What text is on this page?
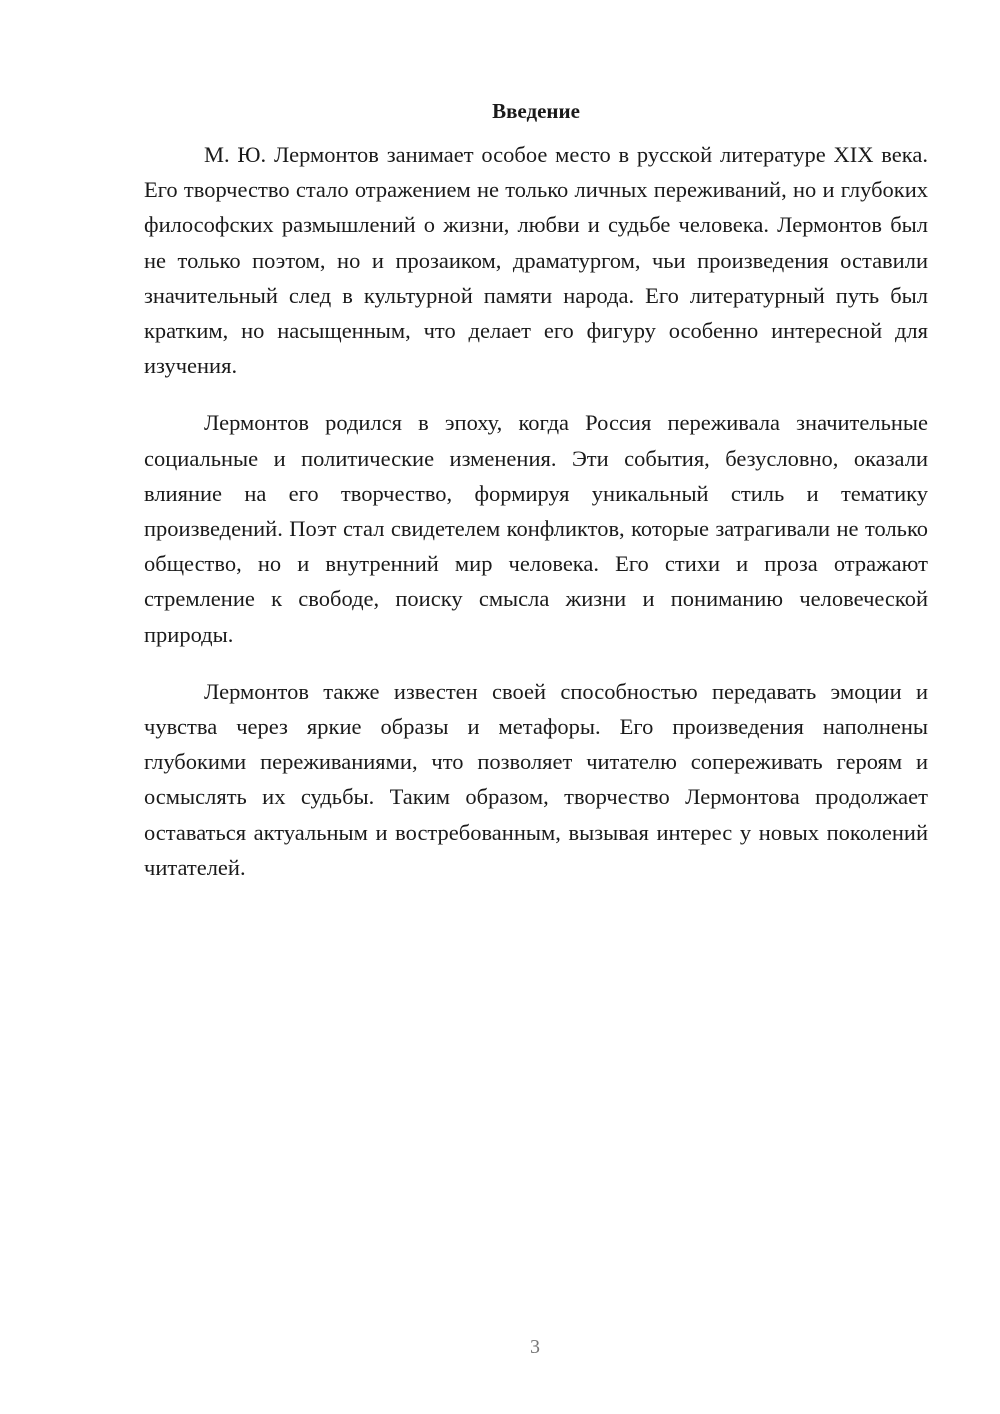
Введение

М. Ю. Лермонтов занимает особое место в русской литературе XIX века. Его творчество стало отражением не только личных переживаний, но и глубоких философских размышлений о жизни, любви и судьбе человека. Лермонтов был не только поэтом, но и прозаиком, драматургом, чьи произведения оставили значительный след в культурной памяти народа. Его литературный путь был кратким, но насыщенным, что делает его фигуру особенно интересной для изучения.

Лермонтов родился в эпоху, когда Россия переживала значительные социальные и политические изменения. Эти события, безусловно, оказали влияние на его творчество, формируя уникальный стиль и тематику произведений. Поэт стал свидетелем конфликтов, которые затрагивали не только общество, но и внутренний мир человека. Его стихи и проза отражают стремление к свободе, поиску смысла жизни и пониманию человеческой природы.

Лермонтов также известен своей способностью передавать эмоции и чувства через яркие образы и метафоры. Его произведения наполнены глубокими переживаниями, что позволяет читателю сопереживать героям и осмыслять их судьбы. Таким образом, творчество Лермонтова продолжает оставаться актуальным и востребованным, вызывая интерес у новых поколений читателей.

3
